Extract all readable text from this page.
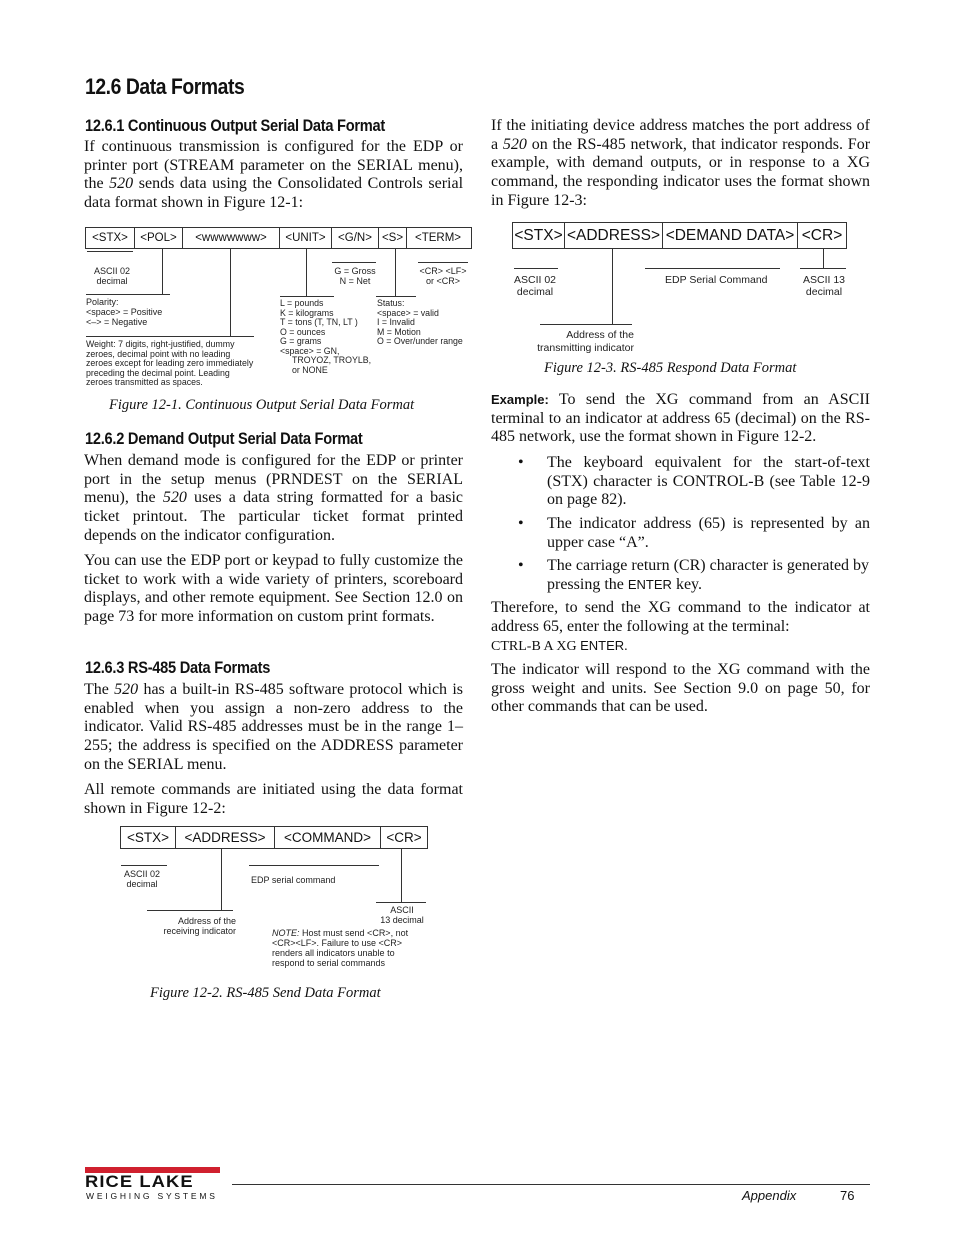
12.6 Data Formats
12.6.1 Continuous Output Serial Data Format
If continuous transmission is configured for the EDP or printer port (STREAM parameter on the SERIAL menu), the 520 sends data using the Consolidated Controls serial data format shown in Figure 12-1:
<STX>	<POL>	<wwwwwww>	<UNIT>	<G/N> <S>	<TERM>
ASCII 02
decimal
G = Gross
N = Net
<CR> <LF>
or <CR>
Polarity:
<space> = Positive
<–> = Negative
Weight: 7 digits, right-justified, dummy
zeroes, decimal point with no leading
zeroes except for leading zero immediately
preceding the decimal point. Leading
zeroes transmitted as spaces.
L = pounds
K = kilograms
T = tons (T, TN, LT )
O = ounces
G = grams
<space> = GN,
TROYOZ, TROYLB,
or NONE
Status:
<space> = valid
I = Invalid
M = Motion
O = Over/under range
Figure 12-1. Continuous Output Serial Data Format
12.6.2 Demand Output Serial Data Format
When demand mode is configured for the EDP or printer port in the setup menus (PRNDEST on the SERIAL menu), the 520 uses a data string formatted for a basic ticket printout. The particular ticket format printed depends on the indicator configuration.
You can use the EDP port or keypad to fully customize the ticket to work with a wide variety of printers, scoreboard displays, and other remote equipment. See Section 12.0 on page 73 for more information on custom print formats.
12.6.3 RS-485 Data Formats
The 520 has a built-in RS-485 software protocol which is enabled when you assign a non-zero address to the indicator. Valid RS-485 addresses must be in the range 1–255; the address is specified on the ADDRESS parameter on the SERIAL menu.
All remote commands are initiated using the data format shown in Figure 12-2:
<STX>	<ADDRESS>	<COMMAND>	<CR>
ASCII 02
decimal	EDP serial command
Address of the
receiving indicator
ASCII
13 decimal
NOTE: Host must send <CR>, not
<CR><LF>. Failure to use <CR>
renders all indicators unable to
respond to serial commands
Figure 12-2. RS-485 Send Data Format
If the initiating device address matches the port address of a 520 on the RS-485 network, that indicator responds. For example, with demand outputs, or in response to a XG command, the responding indicator uses the format shown in Figure 12-3:
<STX> <ADDRESS> <DEMAND DATA> <CR>
ASCII 02
decimal
EDP Serial Command	ASCII 13
decimal
Address of the
transmitting indicator
Figure 12-3. RS-485 Respond Data Format
Example: To send the XG command from an ASCII terminal to an indicator at address 65 (decimal) on the RS-485 network, use the format shown in Figure 12-2.
• The keyboard equivalent for the start-of-text (STX) character is CONTROL-B (see Table 12-9 on page 82).
• The indicator address (65) is represented by an upper case “A”.
• The carriage return (CR) character is generated by pressing the ENTER key.
Therefore, to send the XG command to the indicator at address 65, enter the following at the terminal:
CTRL-B A XG ENTER.
The indicator will respond to the XG command with the gross weight and units. See Section 9.0 on page 50, for other commands that can be used.
RICE LAKE
WEIGHING SYSTEMS	Appendix	76
